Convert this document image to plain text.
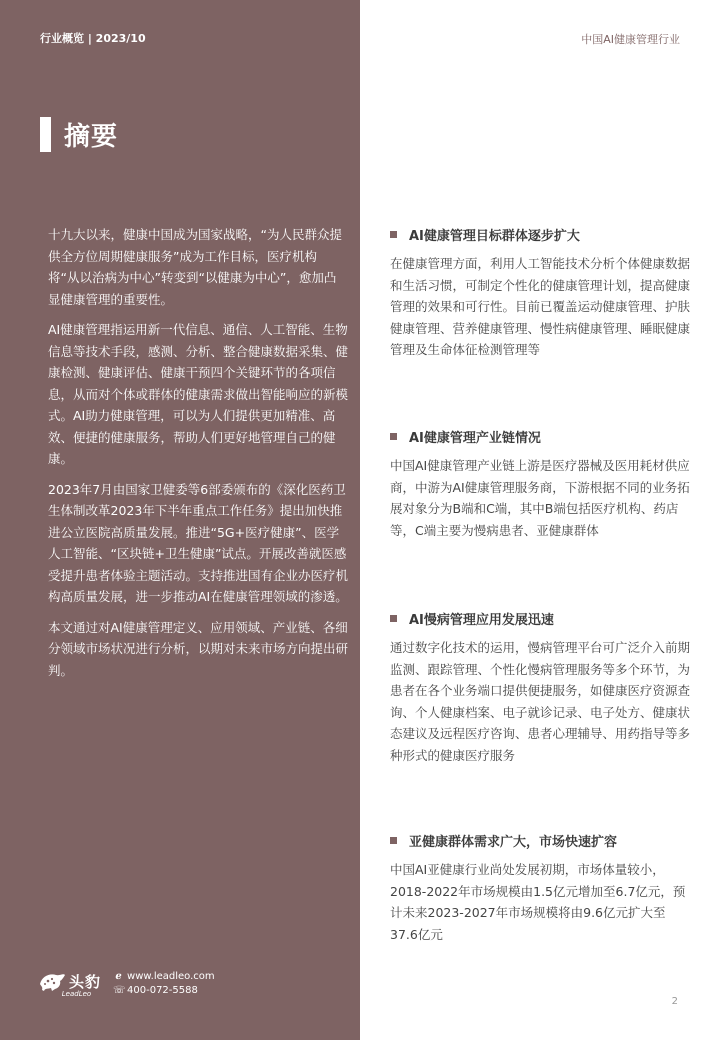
行业概览 | 2023/10
摘要

十九大以来，健康中国成为国家战略，“为人民群众提供全方位周期健康服务”成为工作目标，医疗机构将“从以治病为中心”转变到“以健康为中心”，愈加凸显健康管理的重要性。

AI健康管理指运用新一代信息、通信、人工智能、生物信息等技术手段，感测、分析、整合健康数据采集、健康检测、健康评估、健康干预四个关键环节的各项信息，从而对个体或群体的健康需求做出智能响应的新模式。AI助力健康管理，可以为人们提供更加精准、高效、便捷的健康服务，帮助人们更好地管理自己的健康。

2023年7月由国家卫健委等6部委颁布的《深化医药卫生体制改革2023年下半年重点工作任务》提出加快推进公立医院高质量发展。推进“5G+医疗健康”、医学人工智能、“区块链+卫生健康”试点。开展改善就医感受提升患者体验主题活动。支持推进国有企业办医疗机构高质量发展，进一步推动AI在健康管理领域的渗透。

本文通过对AI健康管理定义、应用领域、产业链、各细分领域市场状况进行分析，以期对未来市场方向提出研判。

头豹
LeadLeo
ℯ www.leadleo.com
☏ 400-072-5588
中国AI健康管理行业
2
AI健康管理目标群体逐步扩大
在健康管理方面，利用人工智能技术分析个体健康数据和生活习惯，可制定个性化的健康管理计划，提高健康管理的效果和可行性。目前已覆盖运动健康管理、护肤健康管理、营养健康管理、慢性病健康管理、睡眠健康管理及生命体征检测管理等
AI健康管理产业链情况
中国AI健康管理产业链上游是医疗器械及医用耗材供应商，中游为AI健康管理服务商，下游根据不同的业务拓展对象分为B端和C端，其中B端包括医疗机构、药店等，C端主要为慢病患者、亚健康群体
AI慢病管理应用发展迅速
通过数字化技术的运用，慢病管理平台可广泛介入前期监测、跟踪管理、个性化慢病管理服务等多个环节，为患者在各个业务端口提供便捷服务，如健康医疗资源查询、个人健康档案、电子就诊记录、电子处方、健康状态建议及远程医疗咨询、患者心理辅导、用药指导等多种形式的健康医疗服务
亚健康群体需求广大，市场快速扩容
中国AI亚健康行业尚处发展初期，市场体量较小，2018-2022年市场规模由1.5亿元增加至6.7亿元，预计未来2023-2027年市场规模将由9.6亿元扩大至37.6亿元
